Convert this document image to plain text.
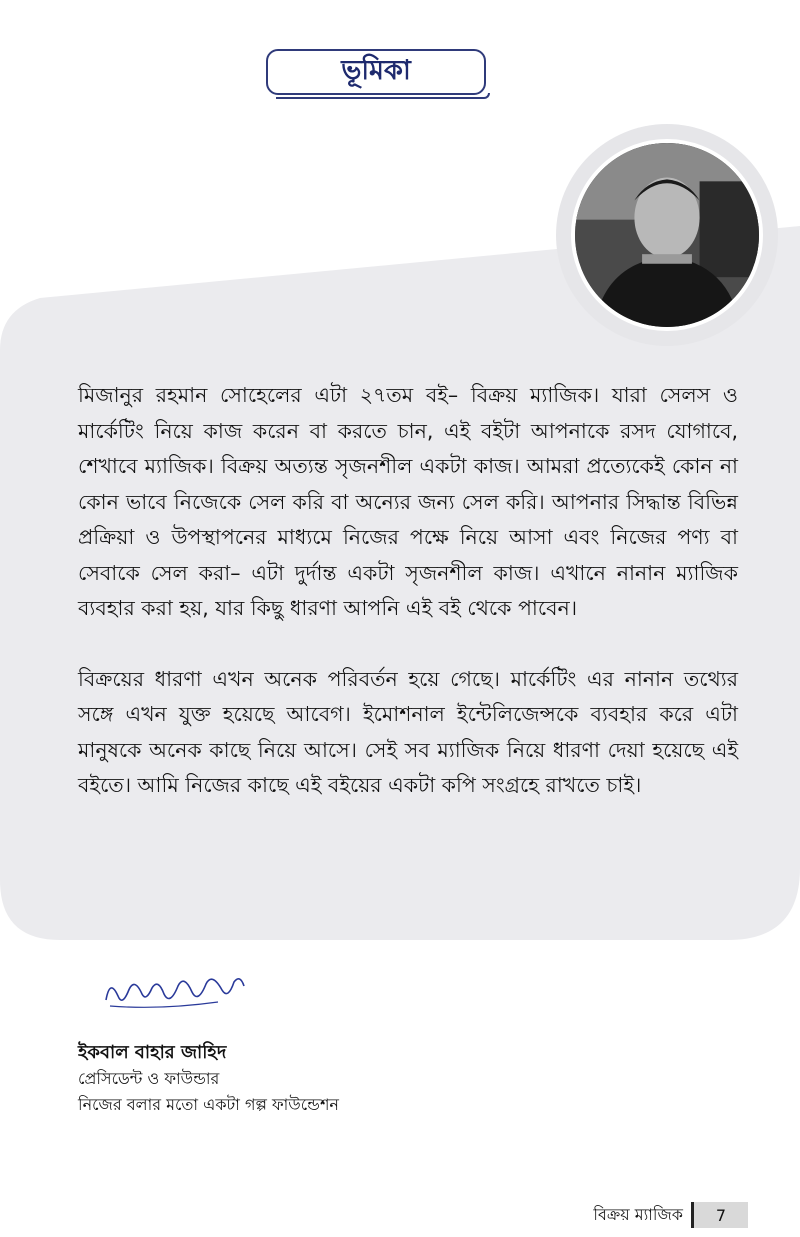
ভূমিকা

মিজানুর রহমান সোহেলের এটা ২৭তম বই– বিক্রয় ম্যাজিক। যারা সেলস ও মার্কেটিং নিয়ে কাজ করেন বা করতে চান, এই বইটা আপনাকে রসদ যোগাবে, শেখাবে ম্যাজিক। বিক্রয় অত্যন্ত সৃজনশীল একটা কাজ। আমরা প্রত্যেকেই কোন না কোন ভাবে নিজেকে সেল করি বা অন্যের জন্য সেল করি। আপনার সিদ্ধান্ত বিভিন্ন প্রক্রিয়া ও উপস্থাপনের মাধ্যমে নিজের পক্ষে নিয়ে আসা এবং নিজের পণ্য বা সেবাকে সেল করা– এটা দুর্দান্ত একটা সৃজনশীল কাজ। এখানে নানান ম্যাজিক ব্যবহার করা হয়, যার কিছু ধারণা আপনি এই বই থেকে পাবেন।

বিক্রয়ের ধারণা এখন অনেক পরিবর্তন হয়ে গেছে। মার্কেটিং এর নানান তথ্যের সঙ্গে এখন যুক্ত হয়েছে আবেগ। ইমোশনাল ইন্টেলিজেন্সকে ব্যবহার করে এটা মানুষকে অনেক কাছে নিয়ে আসে। সেই সব ম্যাজিক নিয়ে ধারণা দেয়া হয়েছে এই বইতে। আমি নিজের কাছে এই বইয়ের একটা কপি সংগ্রহে রাখতে চাই।

ইকবাল বাহার জাহিদ
প্রেসিডেন্ট ও ফাউন্ডার
নিজের বলার মতো একটা গল্প ফাউন্ডেশন
বিক্রয় ম্যাজিক	7
